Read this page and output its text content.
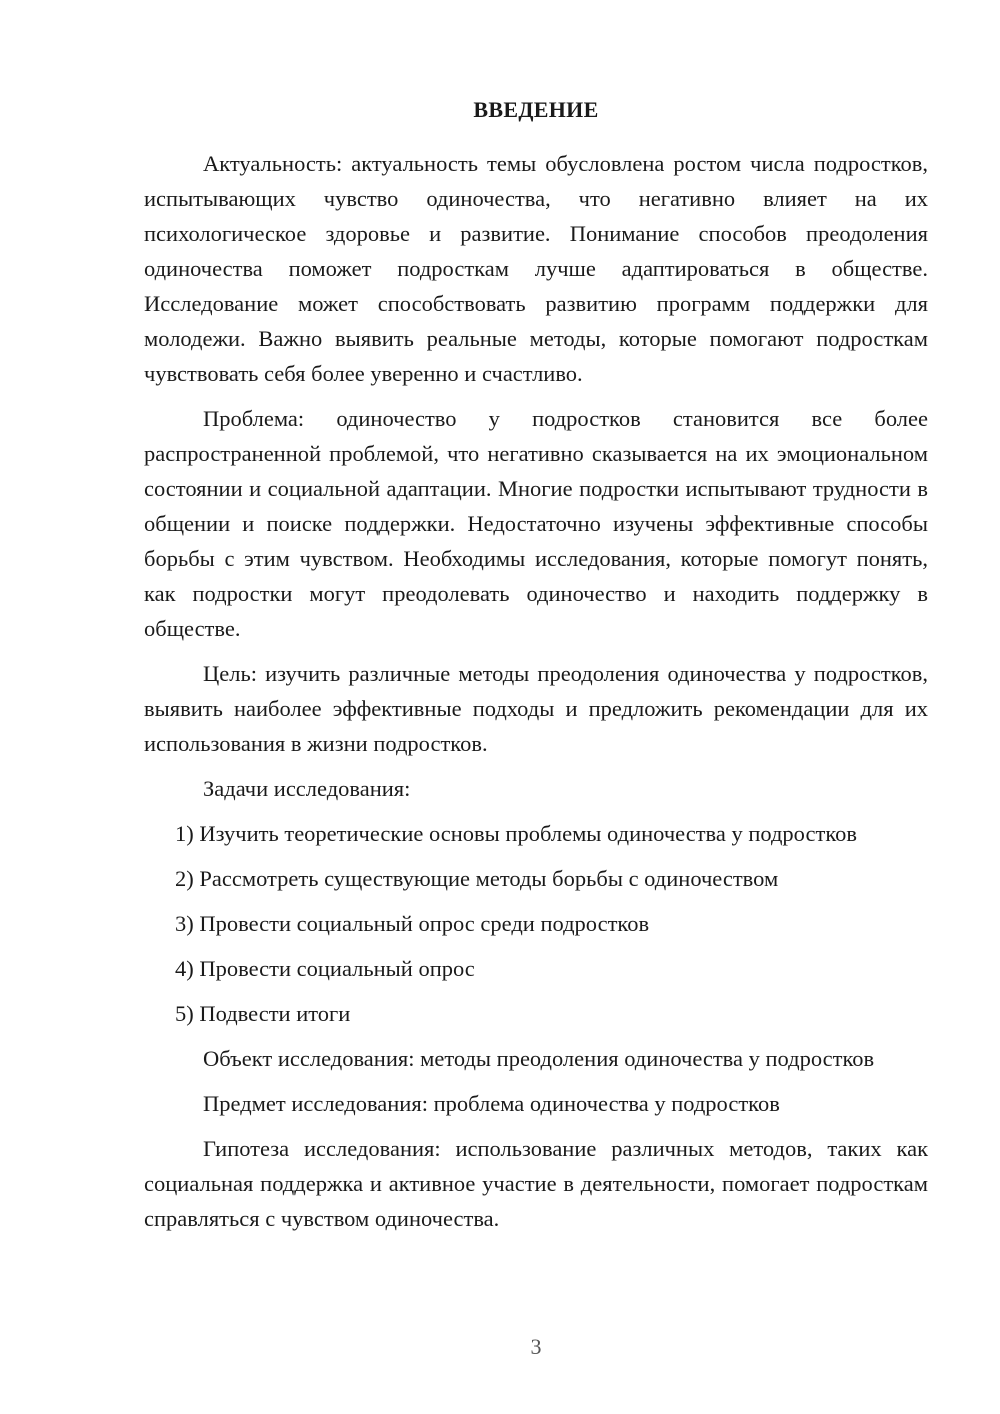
ВВЕДЕНИЕ

Актуальность: актуальность темы обусловлена ростом числа подростков, испытывающих чувство одиночества, что негативно влияет на их психологическое здоровье и развитие. Понимание способов преодоления одиночества поможет подросткам лучше адаптироваться в обществе. Исследование может способствовать развитию программ поддержки для молодежи. Важно выявить реальные методы, которые помогают подросткам чувствовать себя более уверенно и счастливо.

Проблема: одиночество у подростков становится все более распространенной проблемой, что негативно сказывается на их эмоциональном состоянии и социальной адаптации. Многие подростки испытывают трудности в общении и поиске поддержки. Недостаточно изучены эффективные способы борьбы с этим чувством. Необходимы исследования, которые помогут понять, как подростки могут преодолевать одиночество и находить поддержку в обществе.

Цель: изучить различные методы преодоления одиночества у подростков, выявить наиболее эффективные подходы и предложить рекомендации для их использования в жизни подростков.

Задачи исследования:

1) Изучить теоретические основы проблемы одиночества у подростков
2) Рассмотреть существующие методы борьбы с одиночеством
3) Провести социальный опрос среди подростков
4) Провести социальный опрос
5) Подвести итоги

Объект исследования: методы преодоления одиночества у подростков

Предмет исследования: проблема одиночества у подростков

Гипотеза исследования: использование различных методов, таких как социальная поддержка и активное участие в деятельности, помогает подросткам справляться с чувством одиночества.

3
